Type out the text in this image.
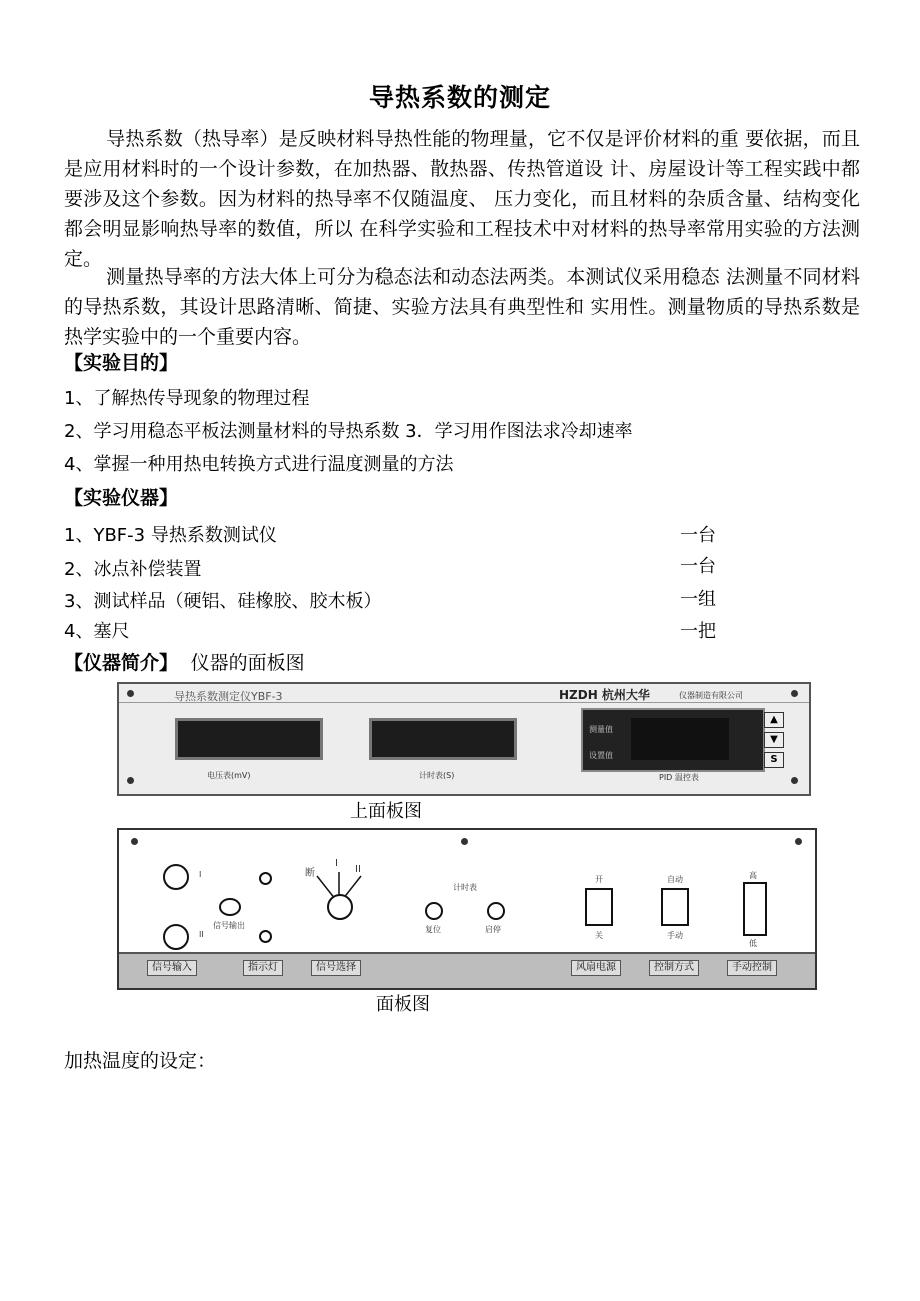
导热系数的测定
导热系数（热导率）是反映材料导热性能的物理量，它不仅是评价材料的重 要依据，而且是应用材料时的一个设计参数，在加热器、散热器、传热管道设 计、房屋设计等工程实践中都要涉及这个参数。因为材料的热导率不仅随温度、 压力变化，而且材料的杂质含量、结构变化都会明显影响热导率的数值，所以 在科学实验和工程技术中对材料的热导率常用实验的方法测定。
测量热导率的方法大体上可分为稳态法和动态法两类。本测试仪采用稳态 法测量不同材料的导热系数，其设计思路清晰、简捷、实验方法具有典型性和 实用性。测量物质的导热系数是热学实验中的一个重要内容。
【实验目的】
1、了解热传导现象的物理过程
2、学习用稳态平板法测量材料的导热系数 3．学习用作图法求冷却速率
4、掌握一种用热电转换方式进行温度测量的方法
【实验仪器】
1、YBF-3 导热系数测试仪	一台
2、冰点补偿装置	一台
3、测试样品（硬铝、硅橡胶、胶木板）	一组
4、塞尺	一把
【仪器简介】 仪器的面板图
导热系数测定仪YBF-3	HZDH 杭州大华	仪器制造有限公司
电压表(mV)	计时表(S)
测量值
设置值
▲
▼
S
PID 温控表
上面板图
I
II
信号输出
断
I
II
计时表
复位	启停
开
关
自动
手动
高
低
信号输入	指示灯	信号选择	风扇电源	控制方式	手动控制
面板图
加热温度的设定：
